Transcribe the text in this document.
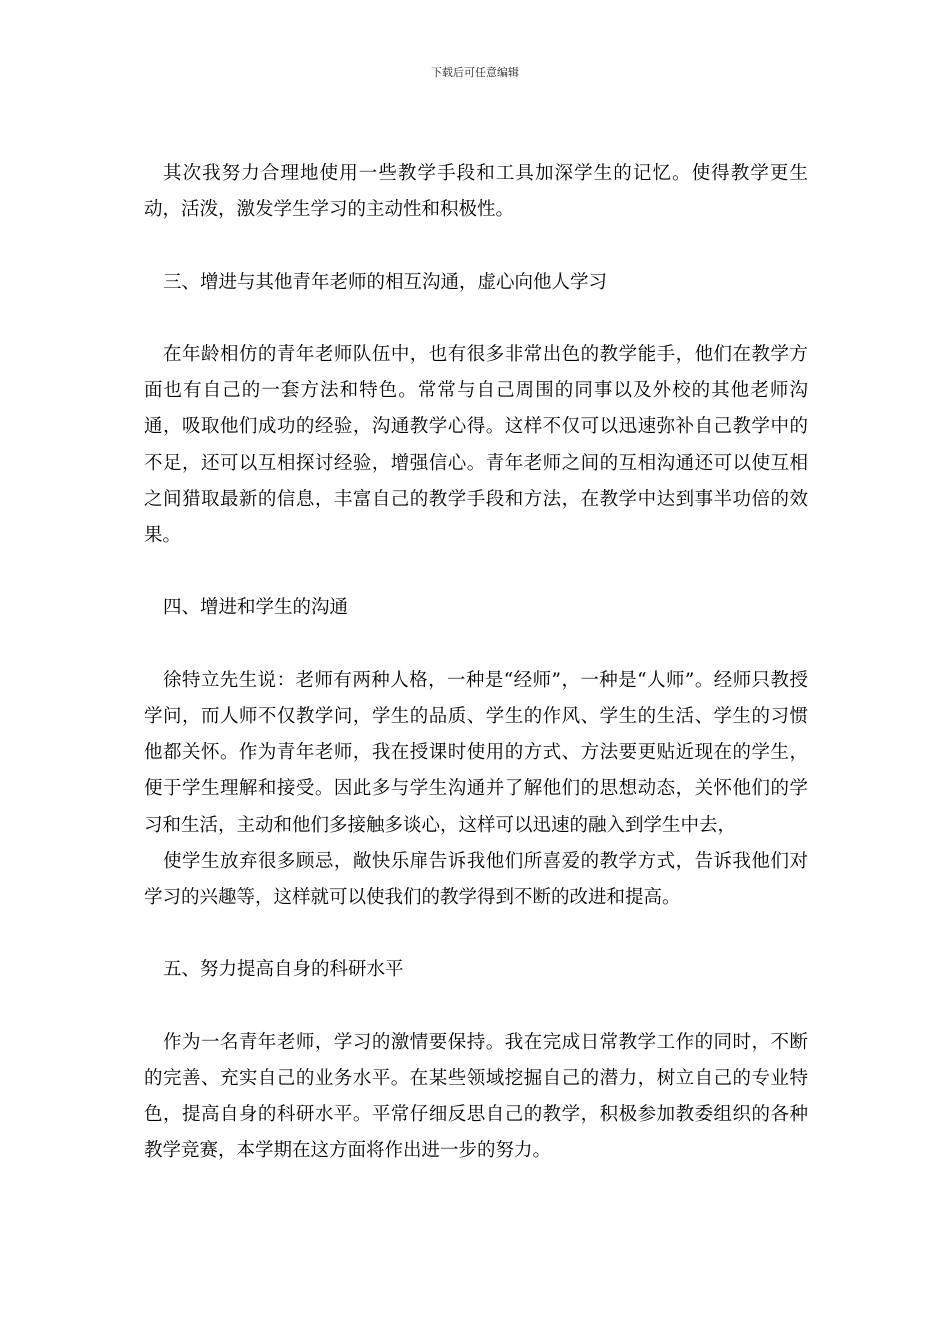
下载后可任意编辑

其次我努力合理地使用一些教学手段和工具加深学生的记忆。使得教学更生动，活泼，激发学生学习的主动性和积极性。

三、增进与其他青年老师的相互沟通，虚心向他人学习

在年龄相仿的青年老师队伍中，也有很多非常出色的教学能手，他们在教学方面也有自己的一套方法和特色。常常与自己周围的同事以及外校的其他老师沟通，吸取他们成功的经验，沟通教学心得。这样不仅可以迅速弥补自己教学中的不足，还可以互相探讨经验，增强信心。青年老师之间的互相沟通还可以使互相之间猎取最新的信息，丰富自己的教学手段和方法，在教学中达到事半功倍的效果。

四、增进和学生的沟通

徐特立先生说：老师有两种人格，一种是“经师”，一种是“人师”。经师只教授学问，而人师不仅教学问，学生的品质、学生的作风、学生的生活、学生的习惯他都关怀。作为青年老师，我在授课时使用的方式、方法要更贴近现在的学生，便于学生理解和接受。因此多与学生沟通并了解他们的思想动态，关怀他们的学习和生活，主动和他们多接触多谈心，这样可以迅速的融入到学生中去，

使学生放弃很多顾忌，敞快乐扉告诉我他们所喜爱的教学方式，告诉我他们对学习的兴趣等，这样就可以使我们的教学得到不断的改进和提高。

五、努力提高自身的科研水平

作为一名青年老师，学习的激情要保持。我在完成日常教学工作的同时，不断的完善、充实自己的业务水平。在某些领域挖掘自己的潜力，树立自己的专业特色，提高自身的科研水平。平常仔细反思自己的教学，积极参加教委组织的各种教学竞赛，本学期在这方面将作出进一步的努力。
